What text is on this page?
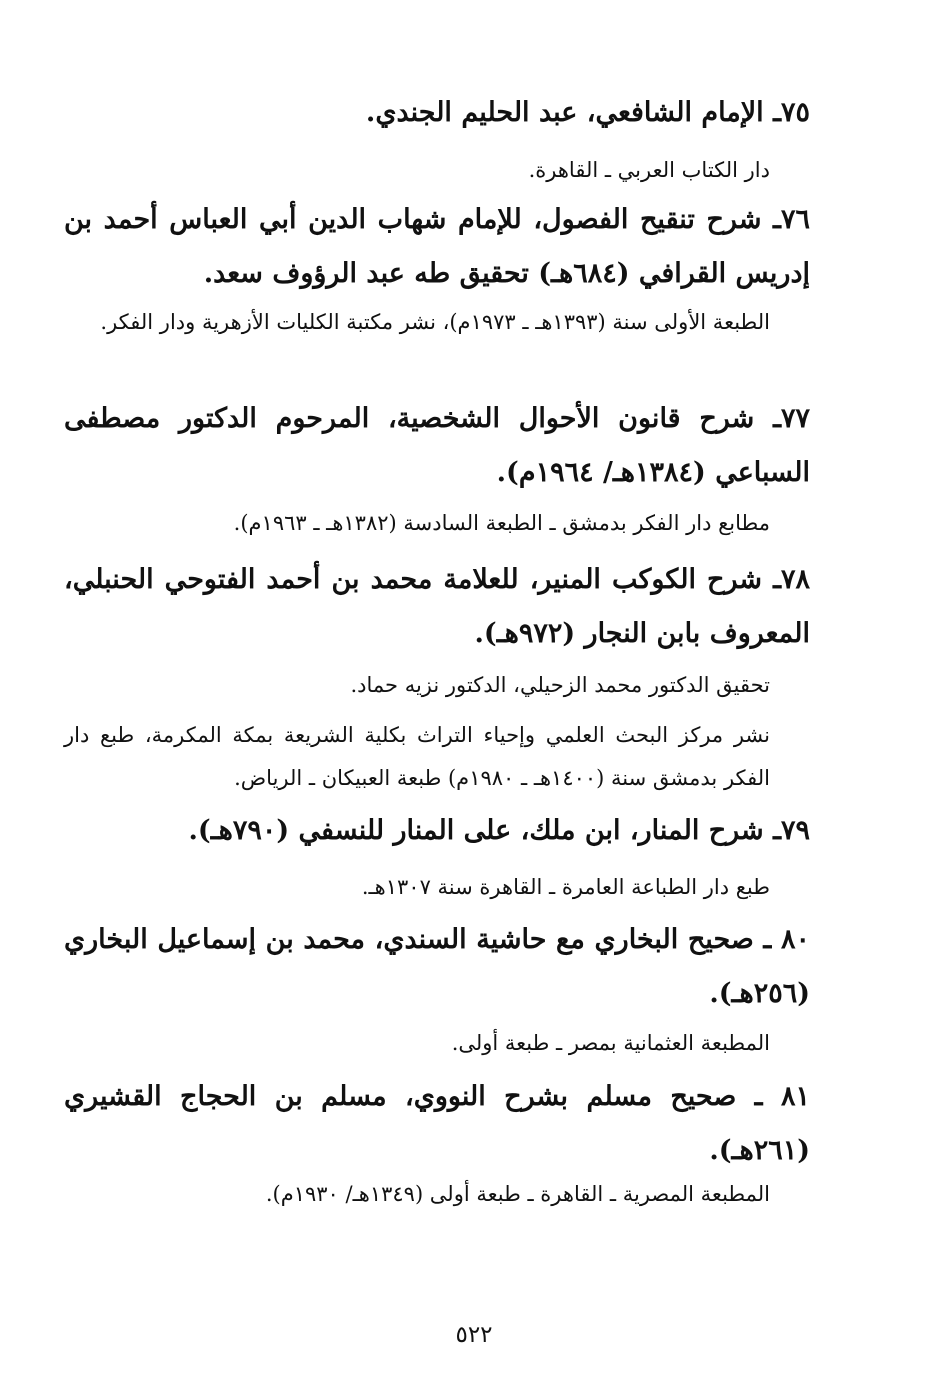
٧٥ـ الإمام الشافعي، عبد الحليم الجندي.

دار الكتاب العربي ـ القاهرة.

٧٦ـ شرح تنقيح الفصول، للإمام شهاب الدين أبي العباس أحمد بن إدريس القرافي (٦٨٤هـ) تحقيق طه عبد الرؤوف سعد.

الطبعة الأولى سنة (١٣٩٣هـ ـ ١٩٧٣م)، نشر مكتبة الكليات الأزهرية ودار الفكر.

٧٧ـ شرح قانون الأحوال الشخصية، المرحوم الدكتور مصطفى السباعي (١٣٨٤هـ/ ١٩٦٤م).

مطابع دار الفكر بدمشق ـ الطبعة السادسة (١٣٨٢هـ ـ ١٩٦٣م).

٧٨ـ شرح الكوكب المنير، للعلامة محمد بن أحمد الفتوحي الحنبلي، المعروف بابن النجار (٩٧٢هـ).

تحقيق الدكتور محمد الزحيلي، الدكتور نزيه حماد.

نشر مركز البحث العلمي وإحياء التراث بكلية الشريعة بمكة المكرمة، طبع دار الفكر بدمشق سنة (١٤٠٠هـ ـ ١٩٨٠م) طبعة العبيكان ـ الرياض.

٧٩ـ شرح المنار، ابن ملك، على المنار للنسفي (٧٩٠هـ).

طبع دار الطباعة العامرة ـ القاهرة سنة ١٣٠٧هـ.

٨٠ ـ صحيح البخاري مع حاشية السندي، محمد بن إسماعيل البخاري (٢٥٦هـ).

المطبعة العثمانية بمصر ـ طبعة أولى.

٨١ ـ صحيح مسلم بشرح النووي، مسلم بن الحجاج القشيري (٢٦١هـ).

المطبعة المصرية ـ القاهرة ـ طبعة أولى (١٣٤٩هـ/ ١٩٣٠م).

٥٢٢
